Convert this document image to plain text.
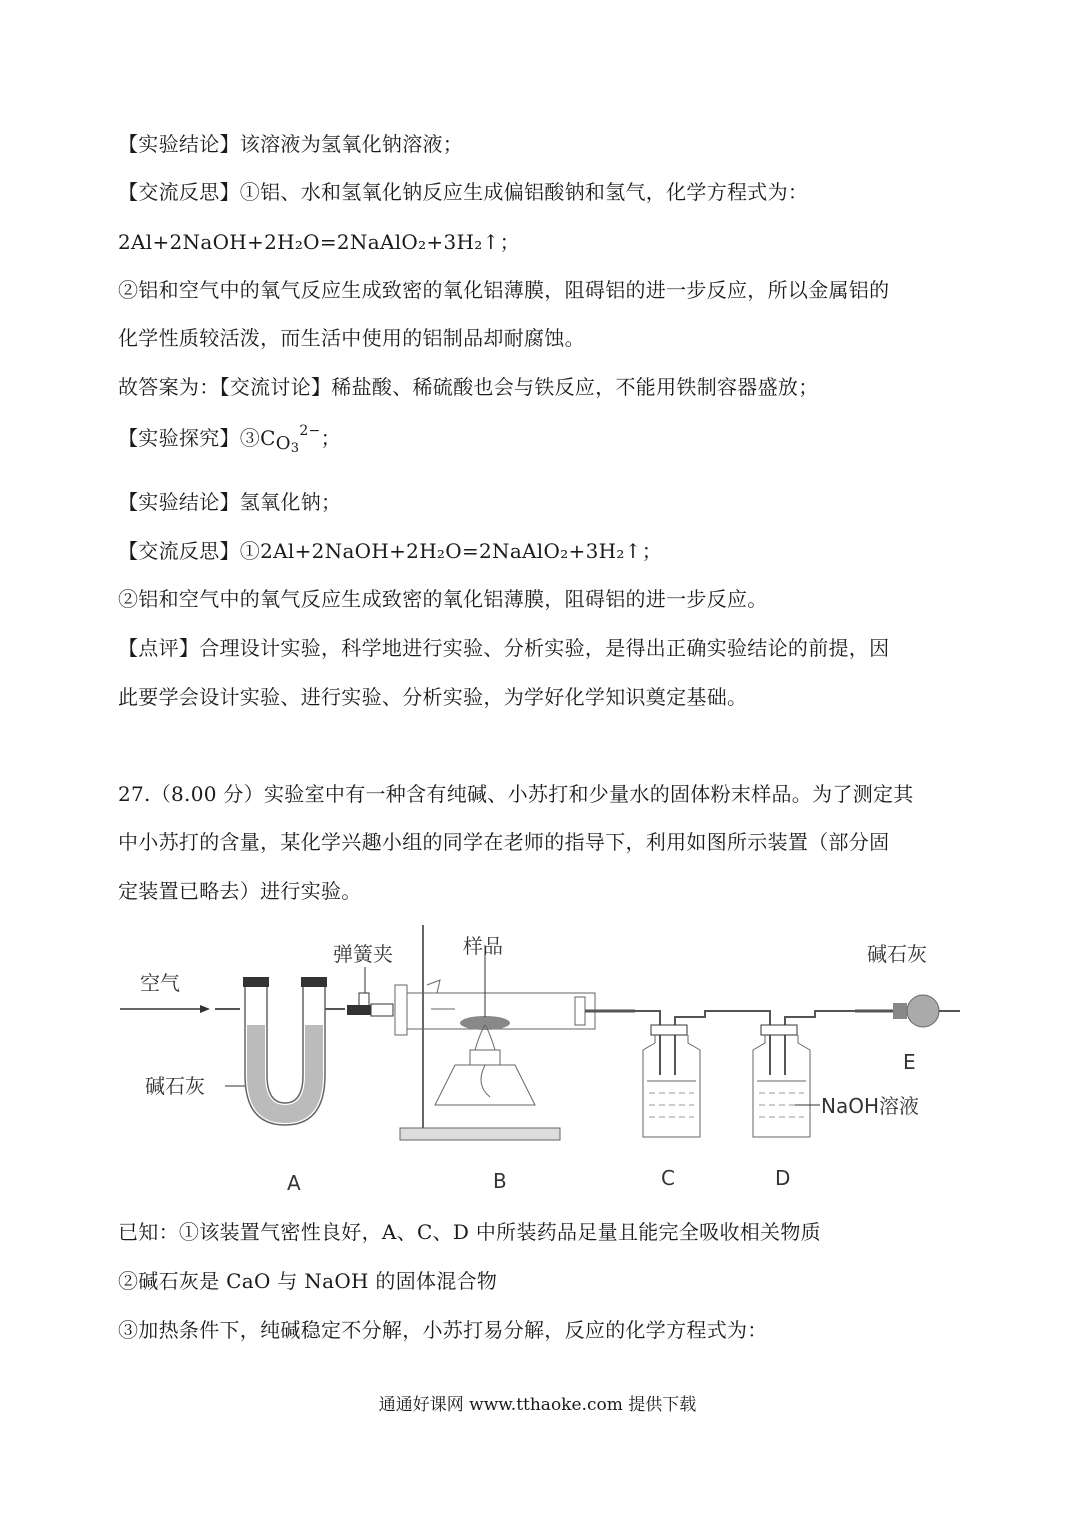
【实验结论】该溶液为氢氧化钠溶液；
【交流反思】①铝、水和氢氧化钠反应生成偏铝酸钠和氢气，化学方程式为：
2Al+2NaOH+2H₂O=2NaAlO₂+3H₂↑；
②铝和空气中的氧气反应生成致密的氧化铝薄膜，阻碍铝的进一步反应，所以金属铝的
化学性质较活泼，而生活中使用的铝制品却耐腐蚀。
故答案为：【交流讨论】稀盐酸、稀硫酸也会与铁反应，不能用铁制容器盛放；
【实验探究】$③CO_3^{2-}$；
【实验结论】氢氧化钠；
【交流反思】①2Al+2NaOH+2H₂O=2NaAlO₂+3H₂↑；
②铝和空气中的氧气反应生成致密的氧化铝薄膜，阻碍铝的进一步反应。
【点评】合理设计实验，科学地进行实验、分析实验，是得出正确实验结论的前提，因
此要学会设计实验、进行实验、分析实验，为学好化学知识奠定基础。
27.（8.00 分）实验室中有一种含有纯碱、小苏打和少量水的固体粉末样品。为了测定其
中小苏打的含量，某化学兴趣小组的同学在老师的指导下，利用如图所示装置（部分固
定装置已略去）进行实验。
空气
碱石灰
弹簧夹	样品
NaOH溶液
碱石灰
A	B	C	D
E
已知：①该装置气密性良好，A、C、D 中所装药品足量且能完全吸收相关物质
②碱石灰是 CaO 与 NaOH 的固体混合物
③加热条件下，纯碱稳定不分解，小苏打易分解，反应的化学方程式为：
通通好课网 www.tthaoke.com 提供下载
